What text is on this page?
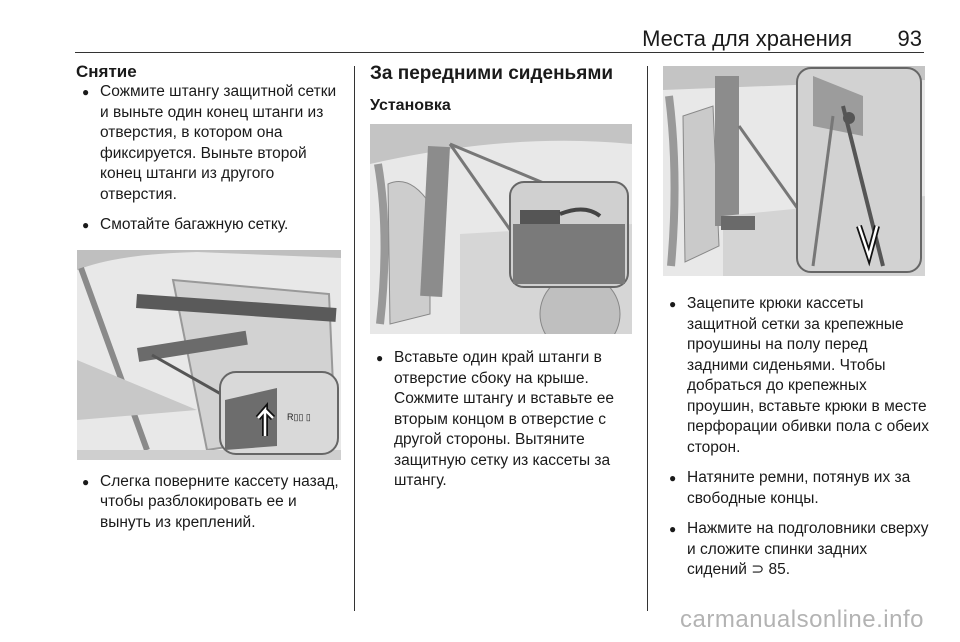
Места для хранения 93
Снятие
● Сожмите штангу защитной сетки и выньте один конец штанги из отверстия, в котором она фиксируется. Выньте второй конец штанги из другого отверстия.
● Смотайте багажную сетку.
R▯▯ ▯
● Слегка поверните кассету назад, чтобы разблокировать ее и вынуть из креплений.
За передними сиденьями
Установка
● Вставьте один край штанги в отверстие сбоку на крыше. Сожмите штангу и вставьте ее вторым концом в отверстие с другой стороны. Вытяните защитную сетку из кассеты за штангу.
● Зацепите крюки кассеты защитной сетки за крепежные проушины на полу перед задними сиденьями. Чтобы добраться до крепежных проушин, вставьте крюки в месте перфорации обивки пола с обеих сторон.
● Натяните ремни, потянув их за свободные концы.
● Нажмите на подголовники сверху и сложите спинки задних сидений ⊃ 85.
carmanualsonline.info
